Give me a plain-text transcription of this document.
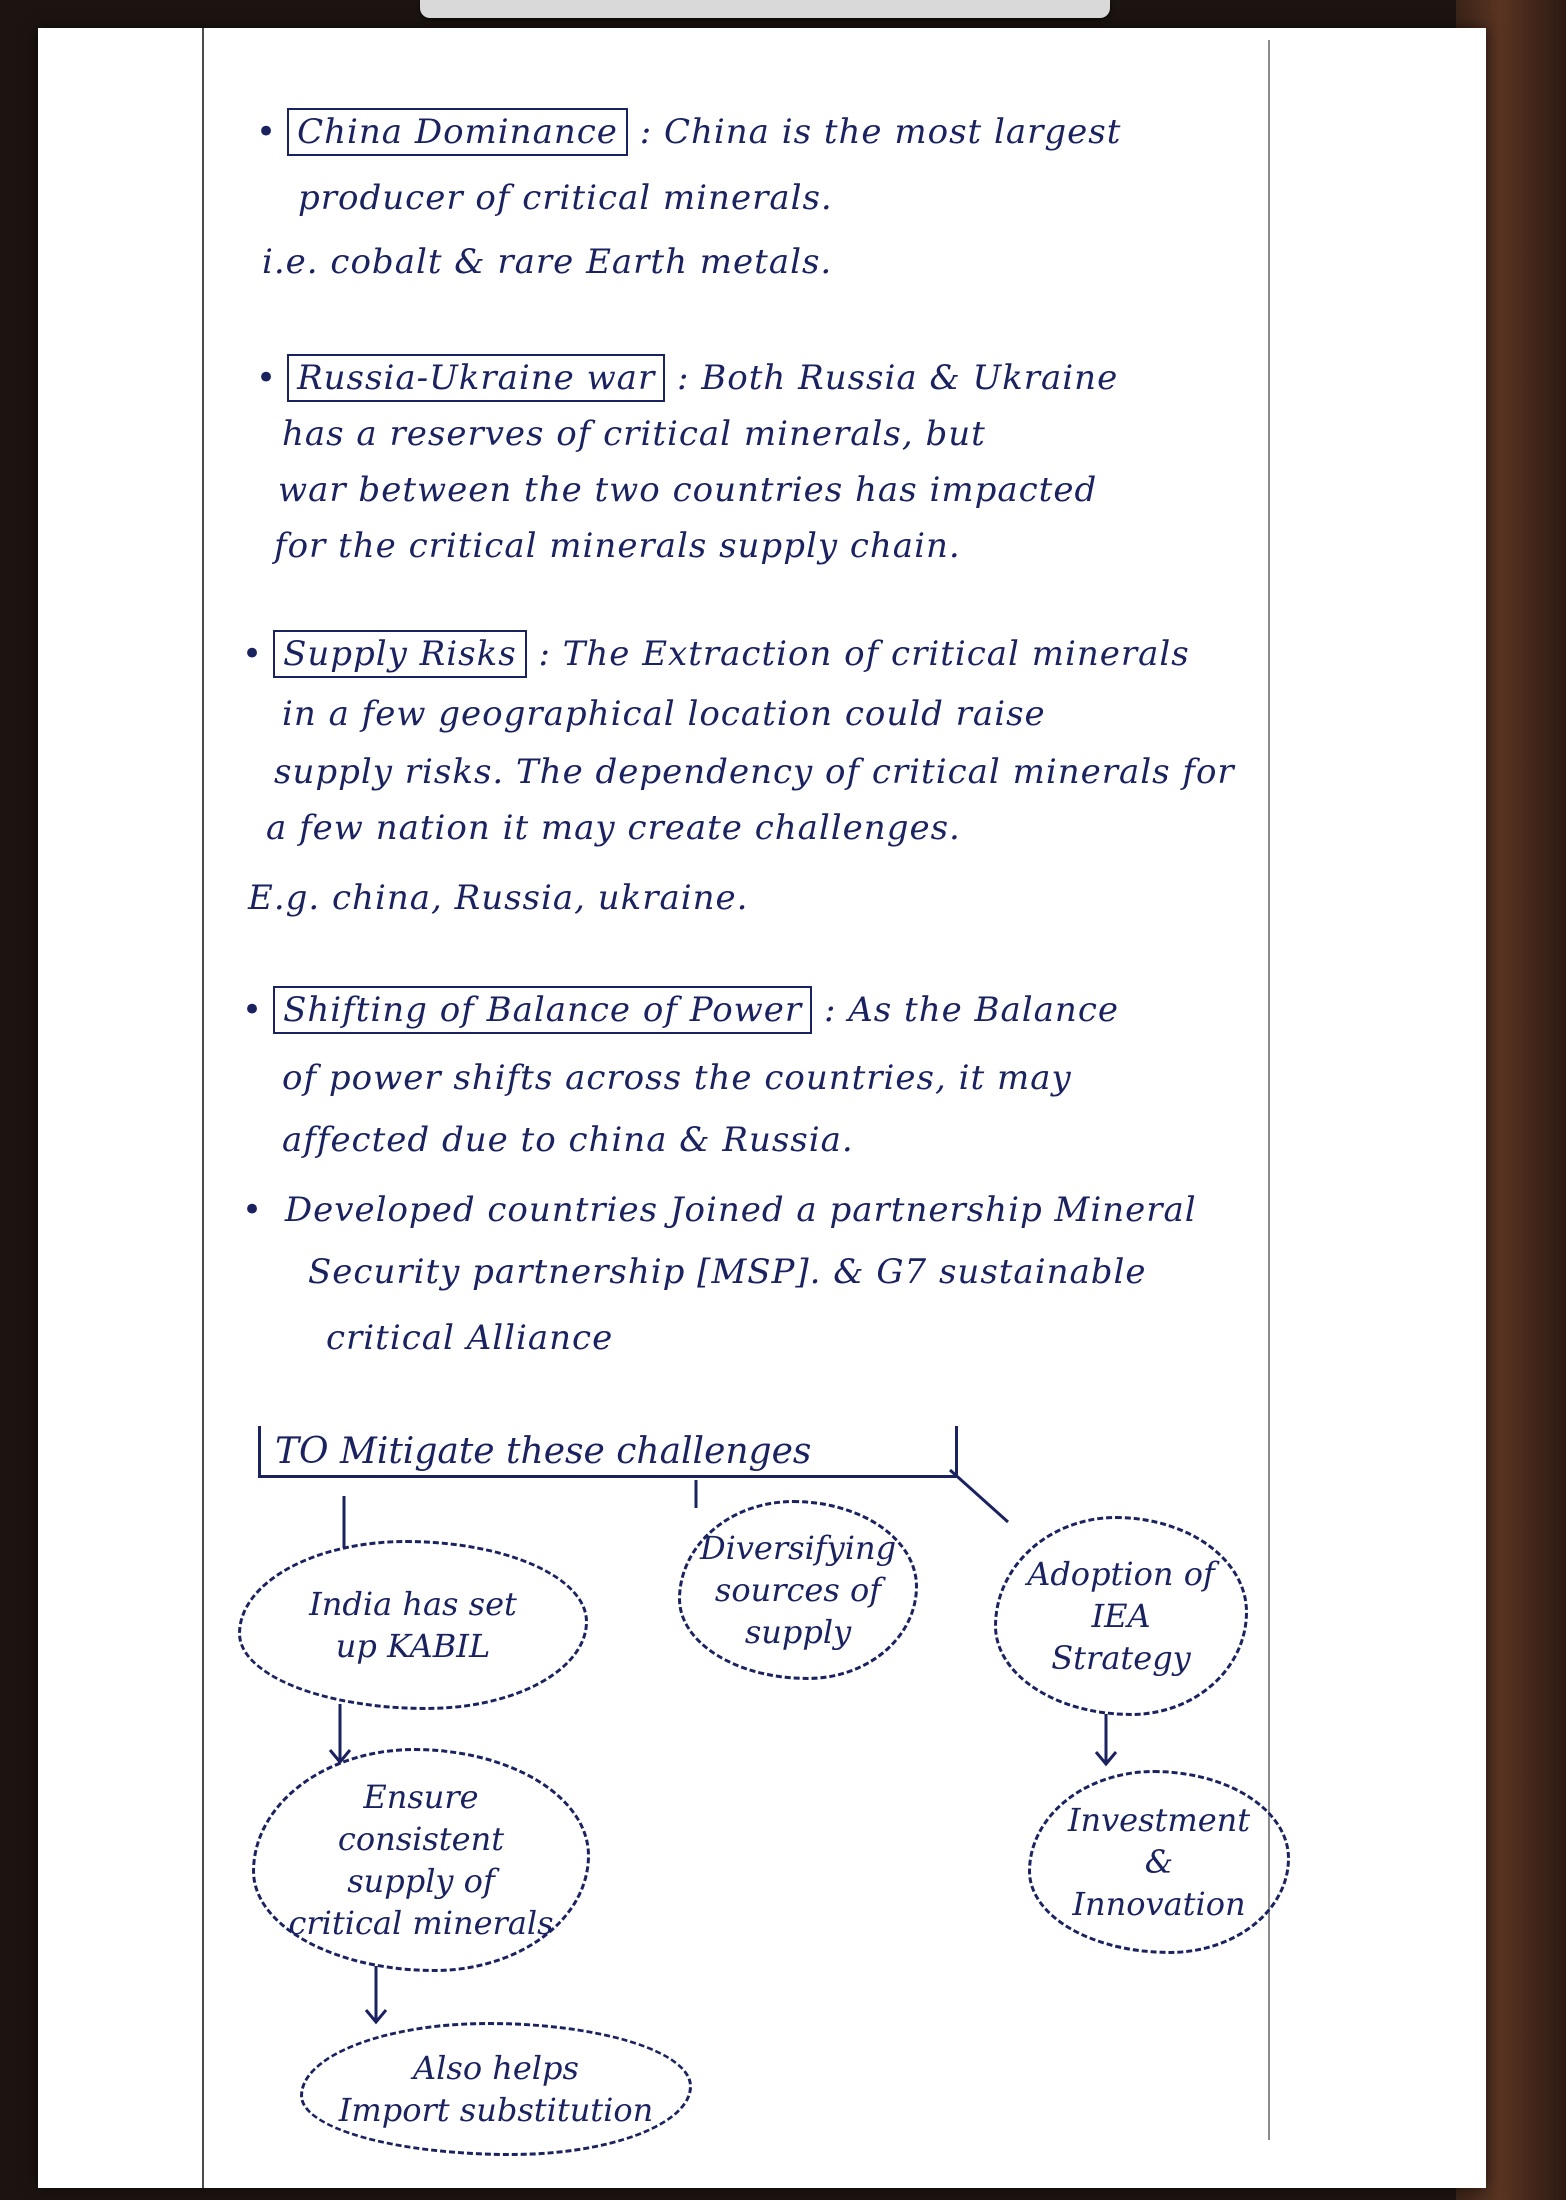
• China Dominance : China is the most largest
producer of critical minerals.
i.e. cobalt & rare Earth metals.
• Russia-Ukraine war : Both Russia & Ukraine
has a reserves of critical minerals, but
war between the two countries has impacted
for the critical minerals supply chain.
• Supply Risks : The Extraction of critical minerals
in a few geographical location could raise
supply risks. The dependency of critical minerals for
a few nation it may create challenges.
E.g. china, Russia, ukraine.
• Shifting of Balance of Power : As the Balance
of power shifts across the countries, it may
affected due to china & Russia.
• Developed countries Joined a partnership Mineral
Security partnership [MSP]. & G7 sustainable
critical Alliance
TO Mitigate these challenges
India has set
up KABIL
Diversifying
sources of
supply
Adoption of
IEA
Strategy
Ensure
consistent
supply of
critical minerals
Investment
&
Innovation
Also helps
Import substitution
